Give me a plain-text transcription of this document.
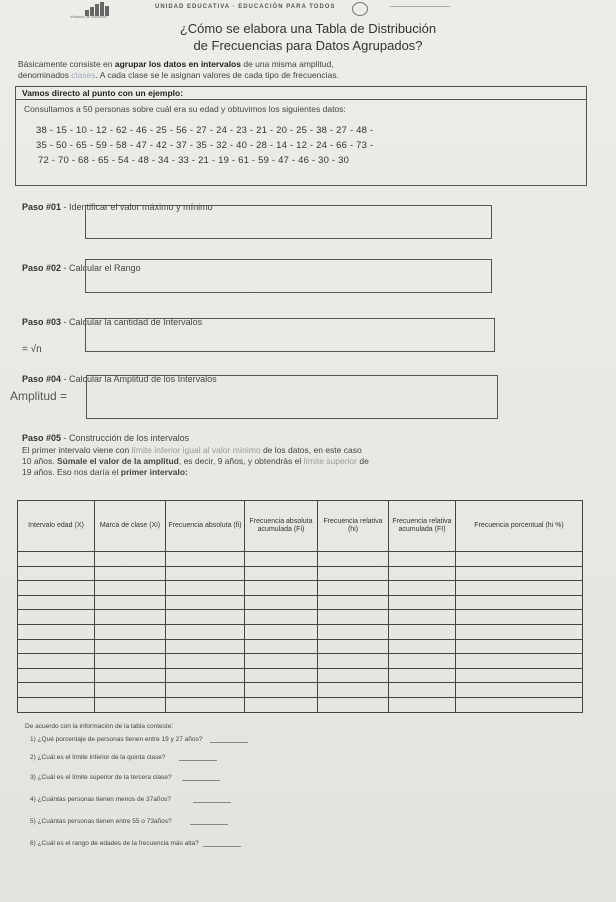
Ministerio de Educación
UNIDAD EDUCATIVA · EDUCACIÓN PARA TODOS
¿Cómo se elabora una Tabla de Distribución
de Frecuencias para Datos Agrupados?
Básicamente consiste en agrupar los datos en intervalos de una misma amplitud,
denominados clases. A cada clase se le asignan valores de cada tipo de frecuencias.
Vamos directo al punto con un ejemplo:
Consultamos a 50 personas sobre cuál era su edad y obtuvimos los siguientes datos:
38 - 15 - 10 - 12 - 62 - 46 - 25 - 56 - 27 - 24 - 23 - 21 - 20 - 25 - 38 - 27 - 48 -
35 - 50 - 65 - 59 - 58 - 47 - 42 - 37 - 35 - 32 - 40 - 28 - 14 - 12 - 24 - 66 - 73 -
72 - 70 - 68 - 65 - 54 - 48 - 34 - 33 - 21 - 19 - 61 - 59 - 47 - 46 - 30 - 30
Paso #01 - Identificar el valor máximo y mínimo
Paso #02 - Calcular el Rango
Paso #03 - Calcular la cantidad de Intervalos
= √n
Paso #04 - Calcular la Amplitud de los Intervalos
Amplitud =
Paso #05 - Construcción de los intervalos
El primer intervalo viene con límite inferior igual al valor mínimo de los datos, en este caso
10 años. Súmale el valor de la amplitud, es decir, 9 años, y obtendrás el límite superior de
19 años. Eso nos daría el primer intervalo:
Intervalo edad (X)	Marca de clase (Xi)	Frecuencia absoluta (fi)	Frecuencia absoluta acumulada (Fi)	Frecuencia relativa (hi)	Frecuencia relativa acumulada (FI)	Frecuencia porcentual (hi %)

De acuerdo con la información de la tabla conteste:
1) ¿Qué porcentaje de personas tienen entre 19 y 27 años?
2) ¿Cuál es el límite inferior de la quinta clase?
3) ¿Cuál es el límite superior de la tercera clase?
4) ¿Cuántas personas tienen menos de 37años?
5) ¿Cuántas personas tienen entre 55 o 73años?
6) ¿Cuál es el rango de edades de la frecuencia más alta?
